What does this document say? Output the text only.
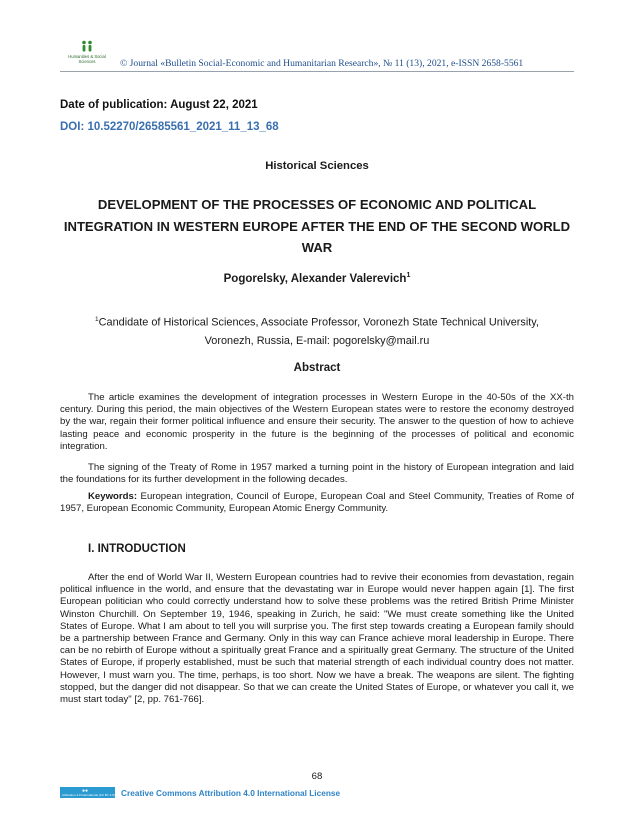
Humanities & Social
Sciences	© Journal «Bulletin Social-Economic and Humanitarian Research», № 11 (13), 2021, e-ISSN 2658-5561
Date of publication: August 22, 2021
DOI: 10.52270/26585561_2021_11_13_68
Historical Sciences
DEVELOPMENT OF THE PROCESSES OF ECONOMIC AND POLITICAL INTEGRATION IN WESTERN EUROPE AFTER THE END OF THE SECOND WORLD WAR
Pogorelsky, Alexander Valerevich$^1$
$^1$Candidate of Historical Sciences, Associate Professor, Voronezh State Technical University, Voronezh, Russia, E-mail: pogorelsky@mail.ru
Abstract
The article examines the development of integration processes in Western Europe in the 40-50s of the XX-th century. During this period, the main objectives of the Western European states were to restore the economy destroyed by the war, regain their former political influence and ensure their security. The answer to the question of how to achieve lasting peace and economic prosperity in the future is the beginning of the processes of political and economic integration.
The signing of the Treaty of Rome in 1957 marked a turning point in the history of European integration and laid the foundations for its further development in the following decades.
Keywords: European integration, Council of Europe, European Coal and Steel Community, Treaties of Rome of 1957, European Economic Community, European Atomic Energy Community.
I. INTRODUCTION
After the end of World War II, Western European countries had to revive their economies from devastation, regain political influence in the world, and ensure that the devastating war in Europe would never happen again [1]. The first European politician who could correctly understand how to solve these problems was the retired British Prime Minister Winston Churchill. On September 19, 1946, speaking in Zurich, he said: "We must create something like the United States of Europe. What I am about to tell you will surprise you. The first step towards creating a European family should be a partnership between France and Germany. Only in this way can France achieve moral leadership in Europe. There can be no rebirth of Europe without a spiritually great France and a spiritually great Germany. The structure of the United States of Europe, if properly established, must be such that material strength of each individual country does not matter. However, I must warn you. The time, perhaps, is too short. Now we have a break. The weapons are silent. The fighting stopped, but the danger did not disappear. So that we can create the United States of Europe, or whatever you call it, we must start today" [2, pp. 761-766].
68
●●
Attribution 4.0 International (CC BY 4.0) Creative Commons Attribution 4.0 International License
